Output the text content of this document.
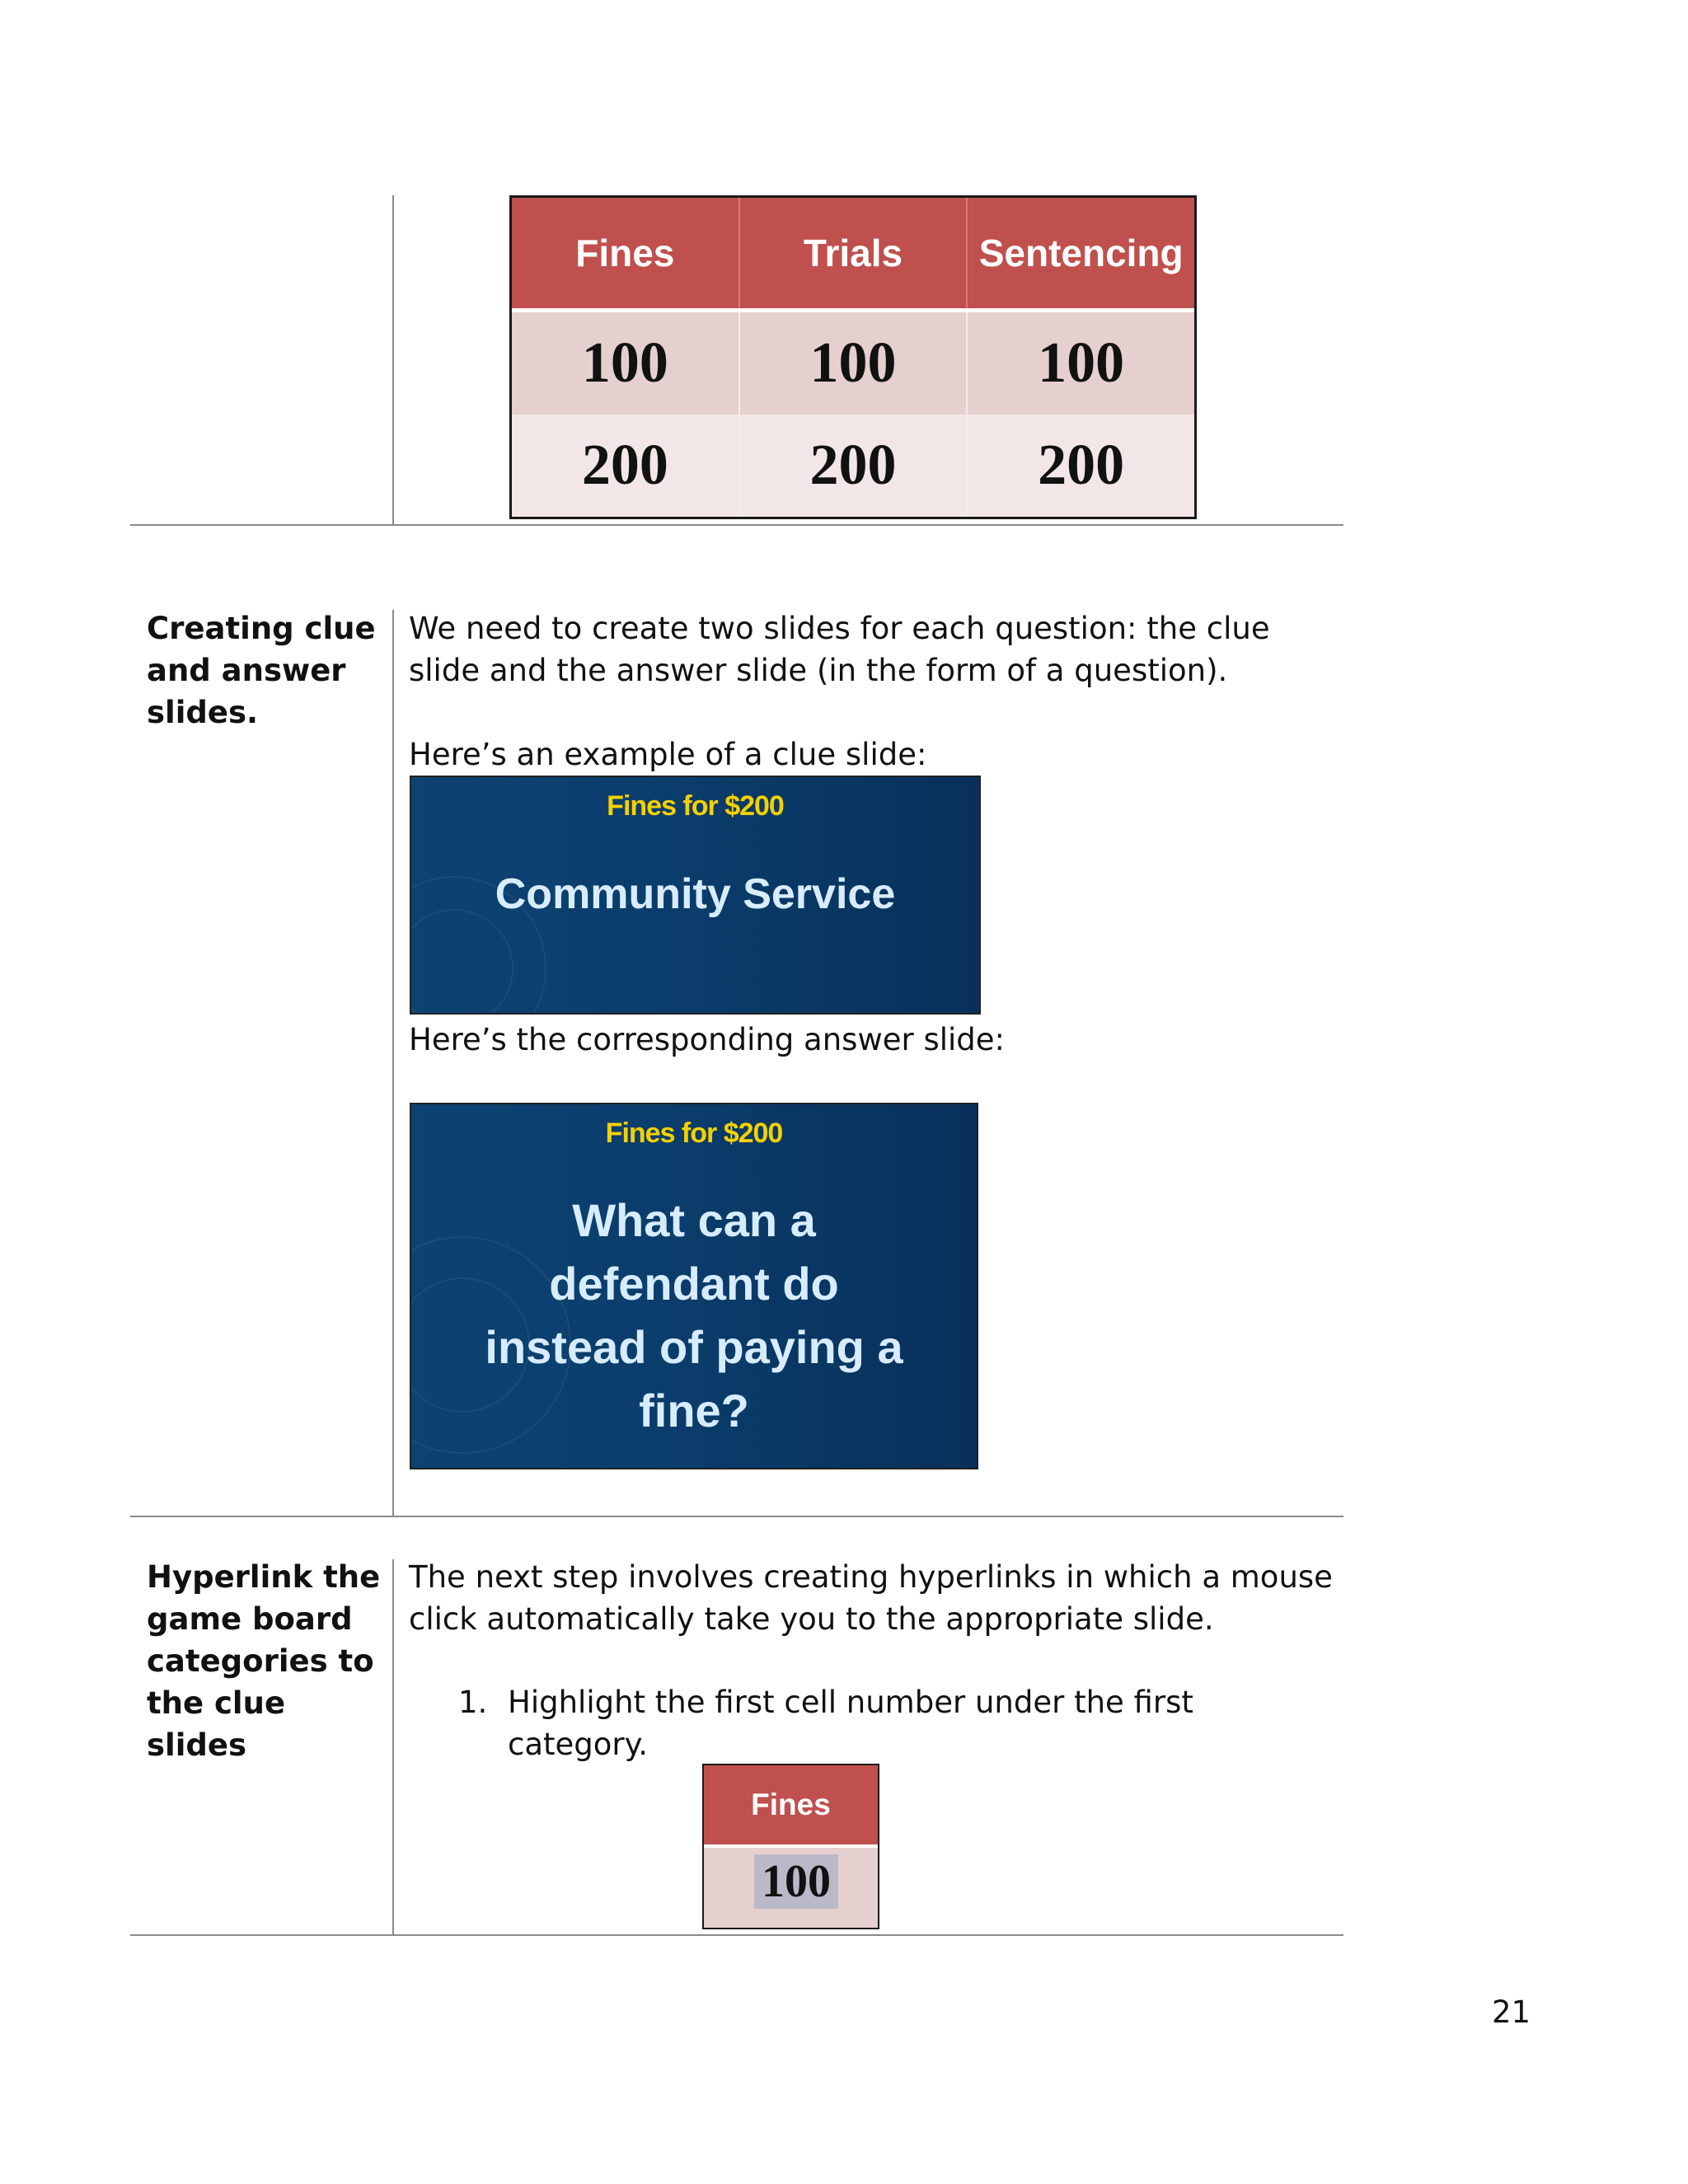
Fines	Trials	Sentencing
100	100	100
200	200	200
Creating clue
and answer
slides.
We need to create two slides for each question: the clue
slide and the answer slide (in the form of a question).
Here’s an example of a clue slide:
Fines for $200
Community Service
Here’s the corresponding answer slide:
Fines for $200
What can a
defendant do
instead of paying a
fine?
Hyperlink the
game board
categories to
the clue
slides
The next step involves creating hyperlinks in which a mouse
click automatically take you to the appropriate slide.
1. Highlight the first cell number under the first
category.
Fines
100
21
